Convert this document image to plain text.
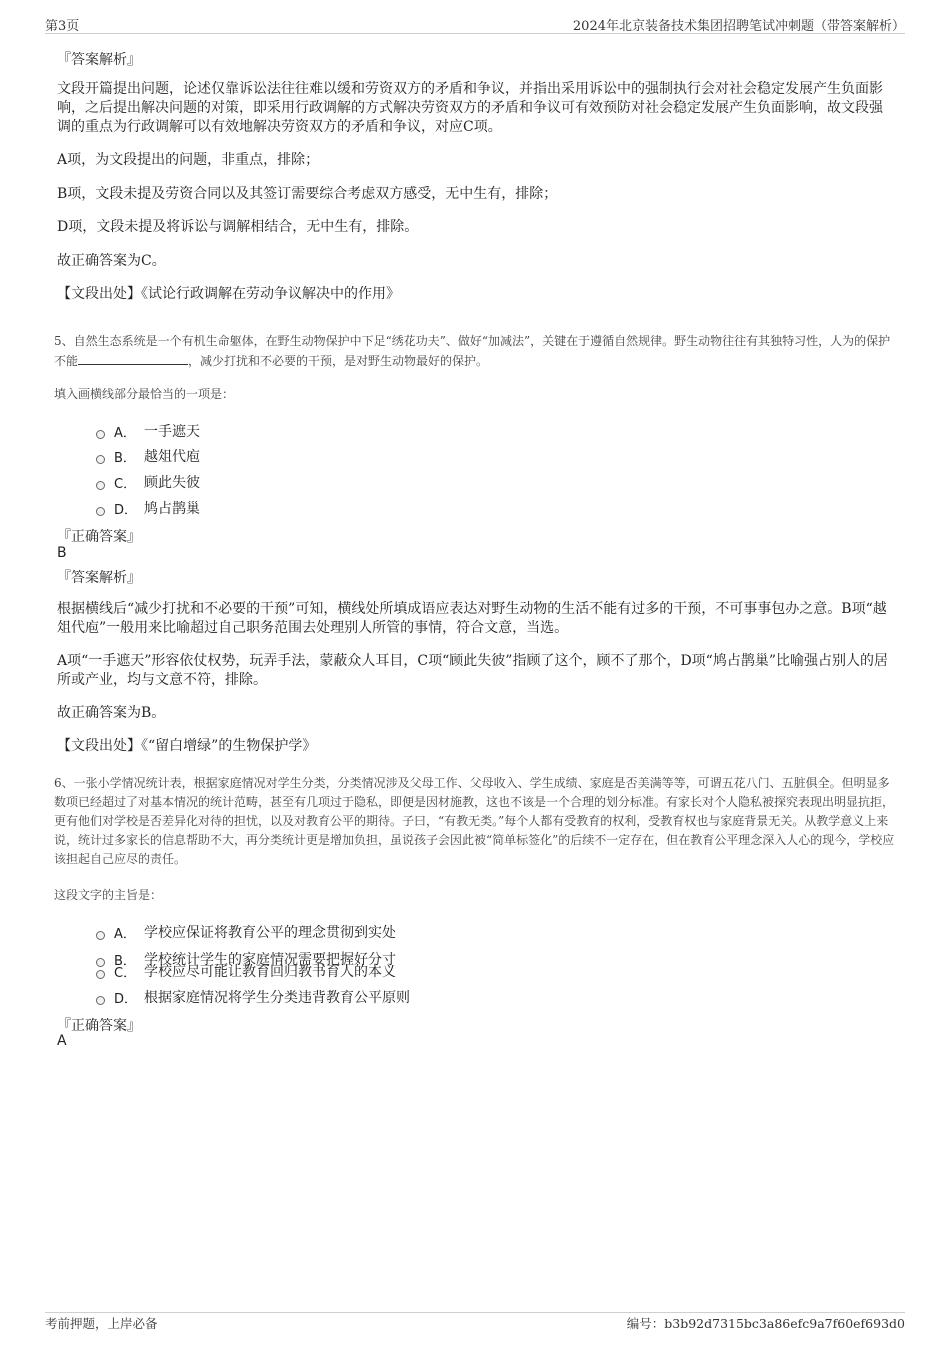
第3页	2024年北京装备技术集团招聘笔试冲刺题（带答案解析）
『答案解析』
文段开篇提出问题，论述仅靠诉讼法往往难以缓和劳资双方的矛盾和争议，并指出采用诉讼中的强制执行会对社会稳定发展产生负面影响，之后提出解决问题的对策，即采用行政调解的方式解决劳资双方的矛盾和争议可有效预防对社会稳定发展产生负面影响，故文段强调的重点为行政调解可以有效地解决劳资双方的矛盾和争议，对应C项。
A项，为文段提出的问题，非重点，排除；
B项，文段未提及劳资合同以及其签订需要综合考虑双方感受，无中生有，排除；
D项，文段未提及将诉讼与调解相结合，无中生有，排除。
故正确答案为C。
【文段出处】《试论行政调解在劳动争议解决中的作用》
5、自然生态系统是一个有机生命躯体，在野生动物保护中下足“绣花功夫”、做好“加减法”，关键在于遵循自然规律。野生动物往往有其独特习性，人为的保护不能	，减少打扰和不必要的干预，是对野生动物最好的保护。
填入画横线部分最恰当的一项是：
A． 一手遮天
B． 越俎代庖
C． 顾此失彼
D． 鸠占鹊巢
『正确答案』
B
『答案解析』
根据横线后“减少打扰和不必要的干预”可知，横线处所填成语应表达对野生动物的生活不能有过多的干预，不可事事包办之意。B项“越俎代庖”一般用来比喻超过自己职务范围去处理别人所管的事情，符合文意，当选。
A项“一手遮天”形容依仗权势，玩弄手法，蒙蔽众人耳目，C项“顾此失彼”指顾了这个，顾不了那个，D项“鸠占鹊巢”比喻强占别人的居所或产业，均与文意不符，排除。
故正确答案为B。
【文段出处】《“留白增绿”的生物保护学》
6、一张小学情况统计表，根据家庭情况对学生分类，分类情况涉及父母工作、父母收入、学生成绩、家庭是否美满等等，可谓五花八门、五脏俱全。但明显多数项已经超过了对基本情况的统计范畴，甚至有几项过于隐私，即便是因材施教，这也不该是一个合理的划分标准。有家长对个人隐私被探究表现出明显抗拒，更有他们对学校是否差异化对待的担忧，以及对教育公平的期待。子曰，“有教无类。”每个人都有受教育的权利，受教育权也与家庭背景无关。从教学意义上来说，统计过多家长的信息帮助不大，再分类统计更是增加负担，虽说孩子会因此被“简单标签化”的后续不一定存在，但在教育公平理念深入人心的现今，学校应该担起自己应尽的责任。
这段文字的主旨是：
A． 学校应保证将教育公平的理念贯彻到实处
B． 学校统计学生的家庭情况需要把握好分寸
C． 学校应尽可能让教育回归教书育人的本义
D． 根据家庭情况将学生分类违背教育公平原则
『正确答案』
A
考前押题，上岸必备	编号：b3b92d7315bc3a86efc9a7f60ef693d0
